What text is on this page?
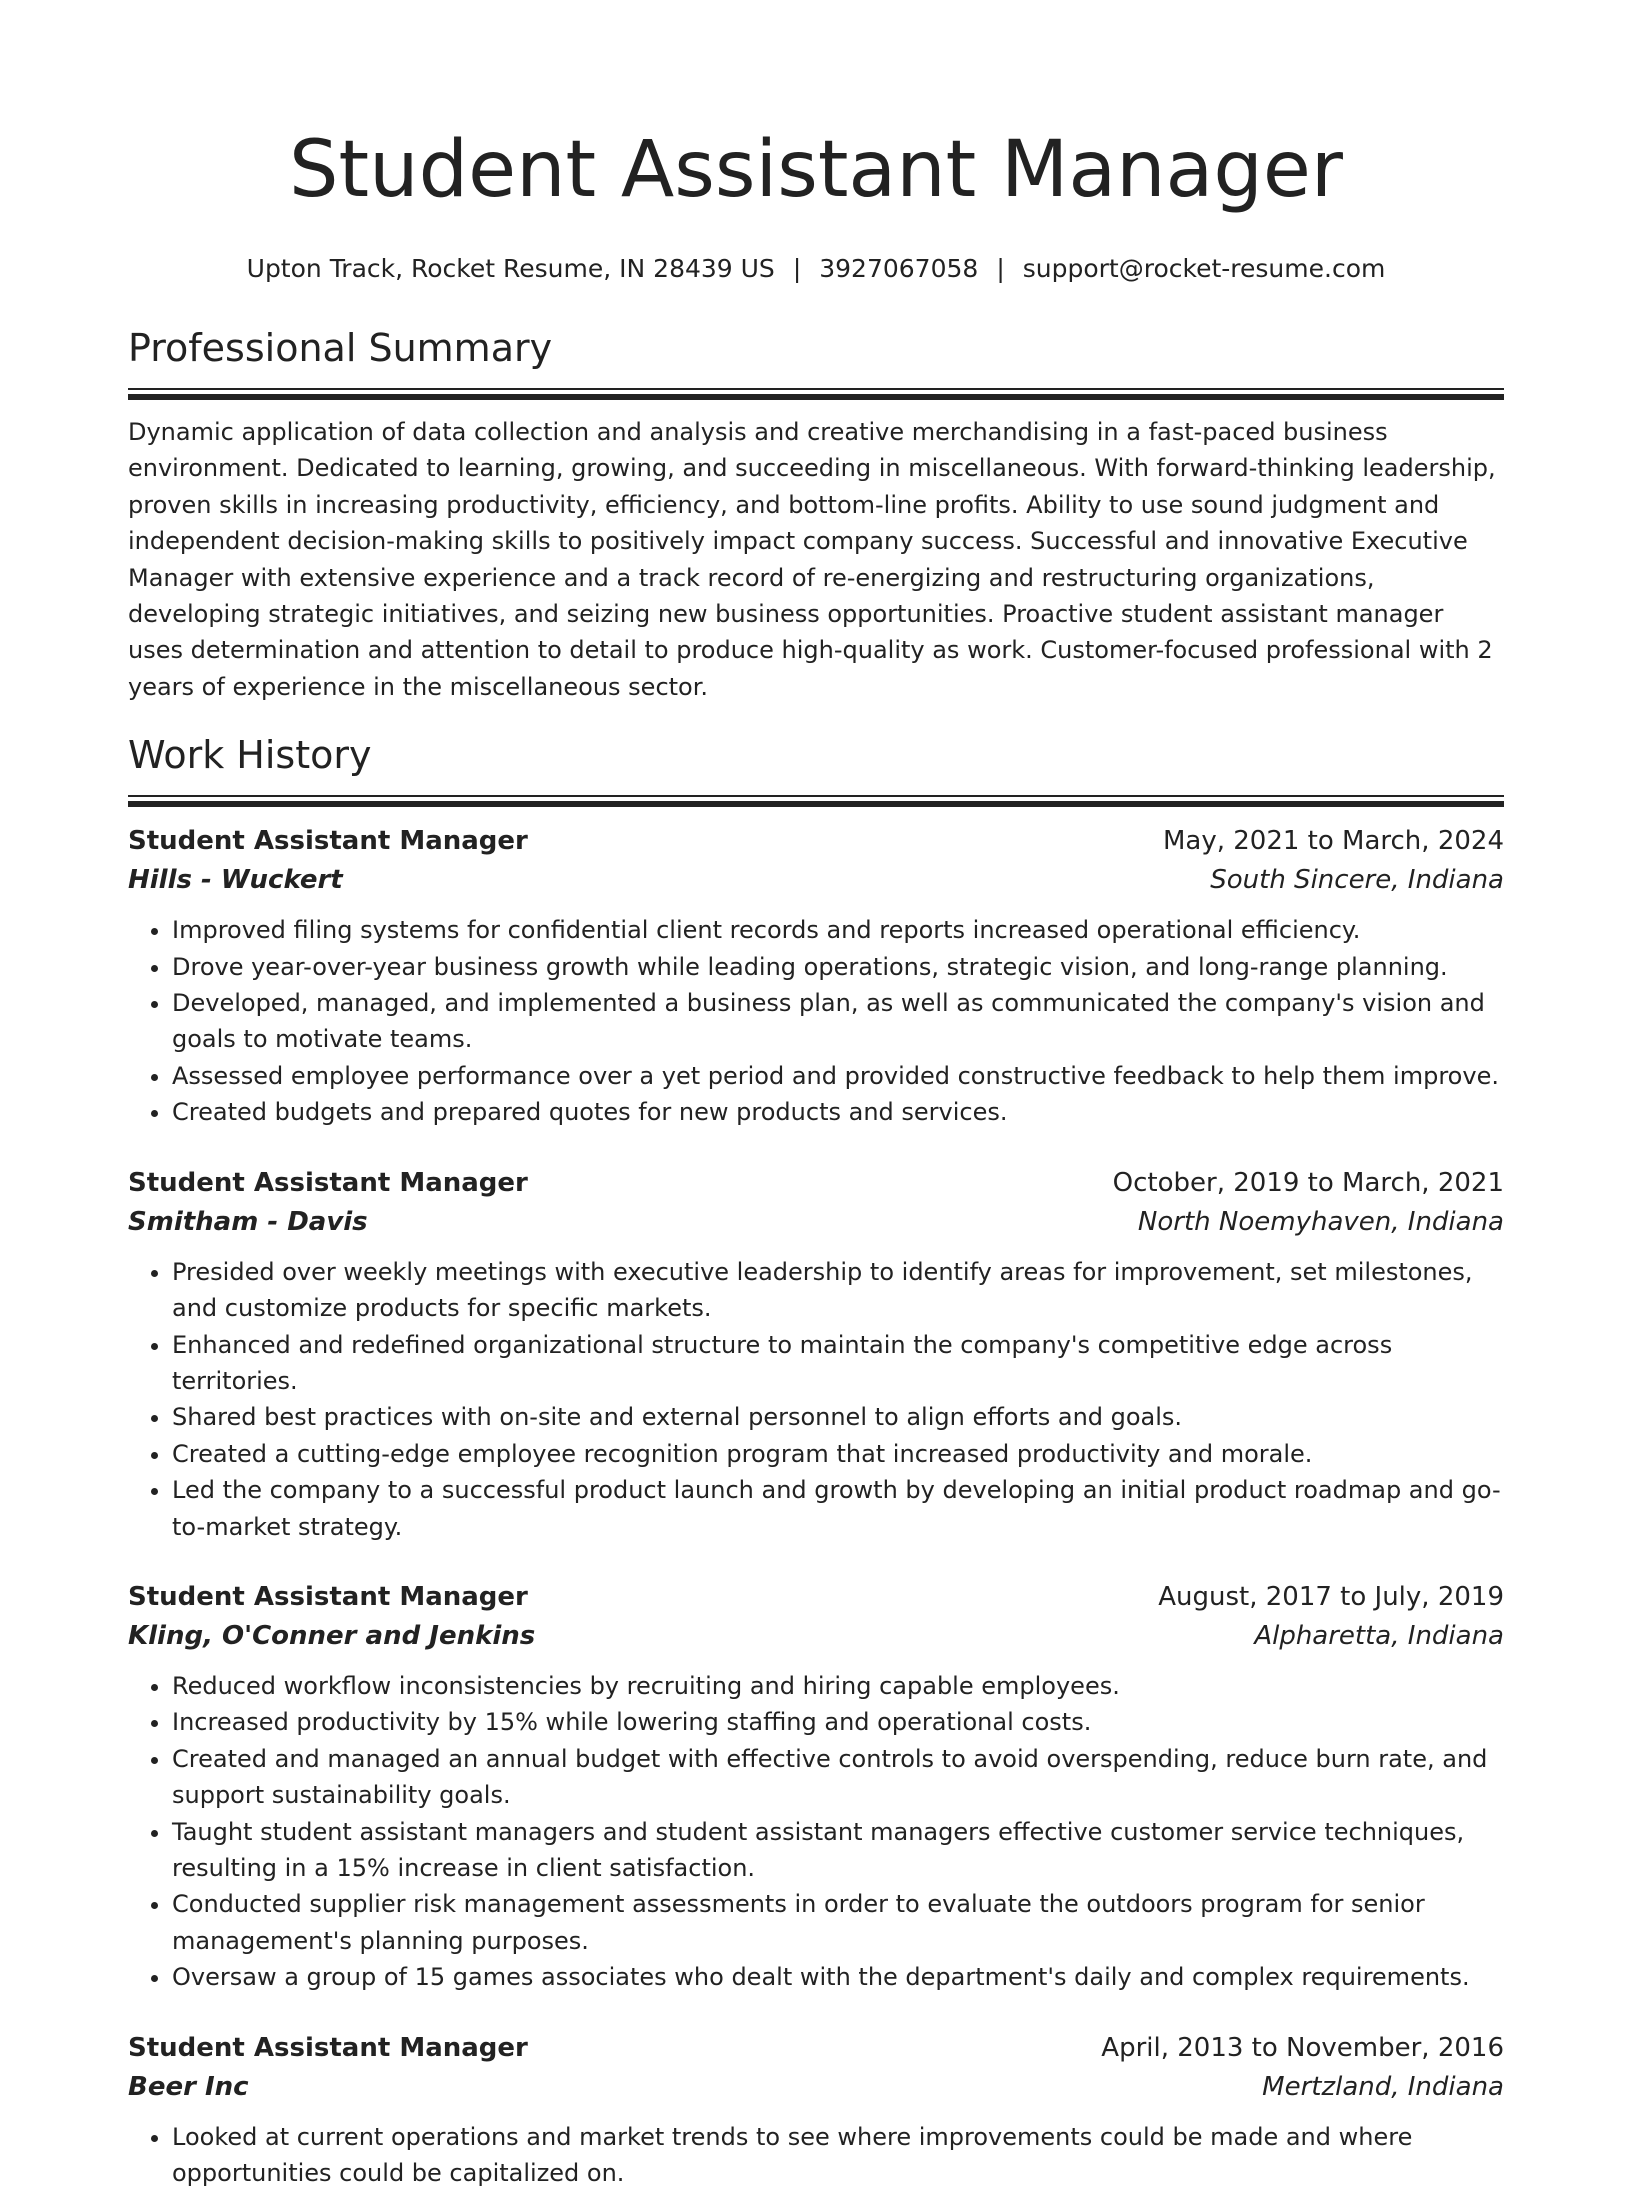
Student Assistant Manager
Upton Track, Rocket Resume, IN 28439 US | 3927067058 | support@rocket-resume.com
Professional Summary

Dynamic application of data collection and analysis and creative merchandising in a fast-paced business environment. Dedicated to learning, growing, and succeeding in miscellaneous. With forward-thinking leadership, proven skills in increasing productivity, efficiency, and bottom-line profits. Ability to use sound judgment and independent decision-making skills to positively impact company success. Successful and innovative Executive Manager with extensive experience and a track record of re-energizing and restructuring organizations, developing strategic initiatives, and seizing new business opportunities. Proactive student assistant manager uses determination and attention to detail to produce high-quality as work. Customer-focused professional with 2 years of experience in the miscellaneous sector.

Work History
Student Assistant Manager	May, 2021 to March, 2024
Hills - Wuckert	South Sincere, Indiana
• Improved filing systems for confidential client records and reports increased operational efficiency.
• Drove year-over-year business growth while leading operations, strategic vision, and long-range planning.
• Developed, managed, and implemented a business plan, as well as communicated the company's vision and goals to motivate teams.
• Assessed employee performance over a yet period and provided constructive feedback to help them improve.
• Created budgets and prepared quotes for new products and services.
Student Assistant Manager	October, 2019 to March, 2021
Smitham - Davis	North Noemyhaven, Indiana
• Presided over weekly meetings with executive leadership to identify areas for improvement, set milestones, and customize products for specific markets.
• Enhanced and redefined organizational structure to maintain the company's competitive edge across territories.
• Shared best practices with on-site and external personnel to align efforts and goals.
• Created a cutting-edge employee recognition program that increased productivity and morale.
• Led the company to a successful product launch and growth by developing an initial product roadmap and go-to-market strategy.
Student Assistant Manager	August, 2017 to July, 2019
Kling, O'Conner and Jenkins	Alpharetta, Indiana
• Reduced workflow inconsistencies by recruiting and hiring capable employees.
• Increased productivity by 15% while lowering staffing and operational costs.
• Created and managed an annual budget with effective controls to avoid overspending, reduce burn rate, and support sustainability goals.
• Taught student assistant managers and student assistant managers effective customer service techniques, resulting in a 15% increase in client satisfaction.
• Conducted supplier risk management assessments in order to evaluate the outdoors program for senior management's planning purposes.
• Oversaw a group of 15 games associates who dealt with the department's daily and complex requirements.
Student Assistant Manager	April, 2013 to November, 2016
Beer Inc	Mertzland, Indiana
• Looked at current operations and market trends to see where improvements could be made and where opportunities could be capitalized on.
